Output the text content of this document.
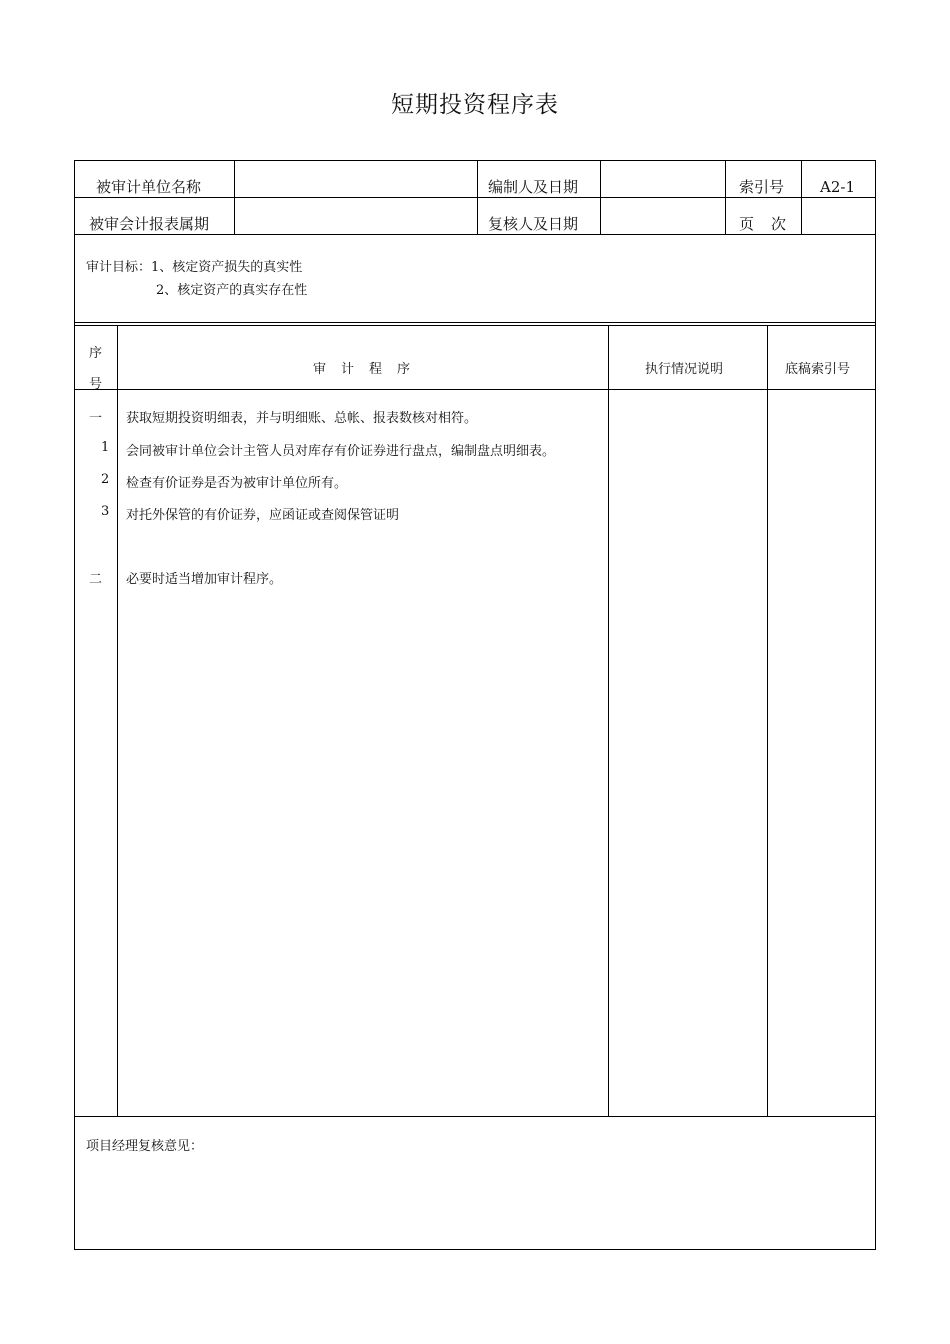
短期投资程序表
被审计单位名称	编制人及日期	索引号 A2-1
被审会计报表属期	复核人及日期	页　次
审计目标：1、核定资产损失的真实性
2、核定资产的真实存在性
序
号
审　计　程　序	执行情况说明	底稿索引号
一 获取短期投资明细表，并与明细账、总帐、报表数核对相符。
1 会同被审计单位会计主管人员对库存有价证券进行盘点，编制盘点明细表。
2 检查有价证券是否为被审计单位所有。
3 对托外保管的有价证券，应函证或查阅保管证明
二 必要时适当增加审计程序。
项目经理复核意见：
